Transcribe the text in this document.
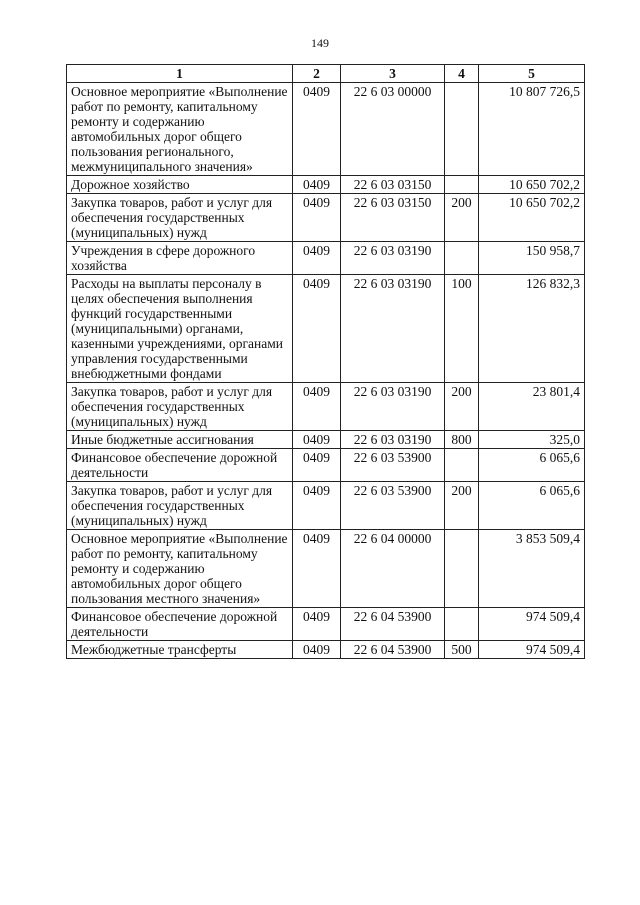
149
1	2	3	4	5
Основное мероприятие «Выполнение работ по ремонту, капитальному ремонту и содержанию автомобильных дорог общего пользования регионального, межмуниципального значения»	0409	22 6 03 00000		10 807 726,5
Дорожное хозяйство	0409	22 6 03 03150		10 650 702,2
Закупка товаров, работ и услуг для обеспечения государственных (муниципальных) нужд	0409	22 6 03 03150	200	10 650 702,2
Учреждения в сфере дорожного хозяйства	0409	22 6 03 03190		150 958,7
Расходы на выплаты персоналу в целях обеспечения выполнения функций государственными (муниципальными) органами, казенными учреждениями, органами управления государственными внебюджетными фондами	0409	22 6 03 03190	100	126 832,3
Закупка товаров, работ и услуг для обеспечения государственных (муниципальных) нужд	0409	22 6 03 03190	200	23 801,4
Иные бюджетные ассигнования	0409	22 6 03 03190	800	325,0
Финансовое обеспечение дорожной деятельности	0409	22 6 03 53900		6 065,6
Закупка товаров, работ и услуг для обеспечения государственных (муниципальных) нужд	0409	22 6 03 53900	200	6 065,6
Основное мероприятие «Выполнение работ по ремонту, капитальному ремонту и содержанию автомобильных дорог общего пользования местного значения»	0409	22 6 04 00000		3 853 509,4
Финансовое обеспечение дорожной деятельности	0409	22 6 04 53900		974 509,4
Межбюджетные трансферты	0409	22 6 04 53900	500	974 509,4
